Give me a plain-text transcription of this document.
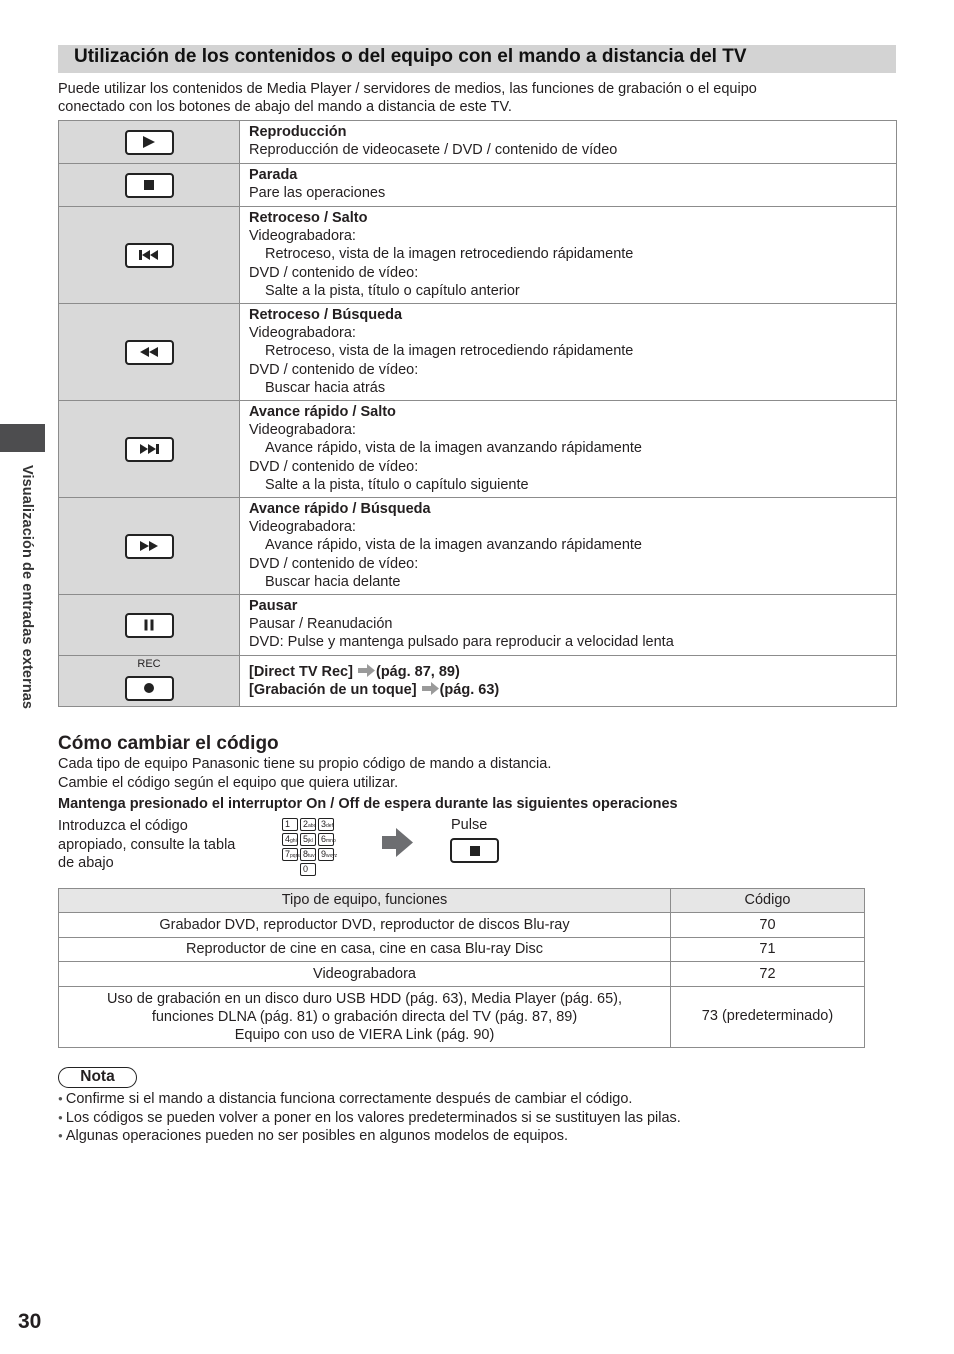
Visualización de entradas externas
Utilización de los contenidos o del equipo con el mando a distancia del TV
Puede utilizar los contenidos de Media Player / servidores de medios, las funciones de grabación o el equipo
conectado con los botones de abajo del mando a distancia de este TV.

Reproducción
Reproducción de videocasete / DVD / contenido de vídeo

Parada
Pare las operaciones

Retroceso / Salto
Videograbadora:
Retroceso, vista de la imagen retrocediendo rápidamente
DVD / contenido de vídeo:
Salte a la pista, título o capítulo anterior

Retroceso / Búsqueda
Videograbadora:
Retroceso, vista de la imagen retrocediendo rápidamente
DVD / contenido de vídeo:
Buscar hacia atrás

Avance rápido / Salto
Videograbadora:
Avance rápido, vista de la imagen avanzando rápidamente
DVD / contenido de vídeo:
Salte a la pista, título o capítulo siguiente

Avance rápido / Búsqueda
Videograbadora:
Avance rápido, vista de la imagen avanzando rápidamente
DVD / contenido de vídeo:
Buscar hacia delante

Pausar
Pausar / Reanudación
DVD: Pulse y mantenga pulsado para reproducir a velocidad lenta

REC	[Direct TV Rec] (pág. 87, 89)
[Grabación de un toque] (pág. 63)
Cómo cambiar el código
Cada tipo de equipo Panasonic tiene su propio código de mando a distancia.
Cambie el código según el equipo que quiera utilizar.
Mantenga presionado el interruptor On / Off de espera durante las siguientes operaciones
Introduzca el código
apropiado, consulte la tabla
de abajo
1	2abc 3def
4ghi 5jkl 6mno
7pqrs 8tuv 9wxyz
0
Pulse
Tipo de equipo, funciones	Código
Grabador DVD, reproductor DVD, reproductor de discos Blu-ray	70
Reproductor de cine en casa, cine en casa Blu-ray Disc	71
Videograbadora	72

Uso de grabación en un disco duro USB HDD (pág. 63), Media Player (pág. 65),
funciones DLNA (pág. 81) o grabación directa del TV (pág. 87, 89)
Equipo con uso de VIERA Link (pág. 90)	73 (predeterminado)
Nota
● Confirme si el mando a distancia funciona correctamente después de cambiar el código.
● Los códigos se pueden volver a poner en los valores predeterminados si se sustituyen las pilas.
● Algunas operaciones pueden no ser posibles en algunos modelos de equipos.
30
